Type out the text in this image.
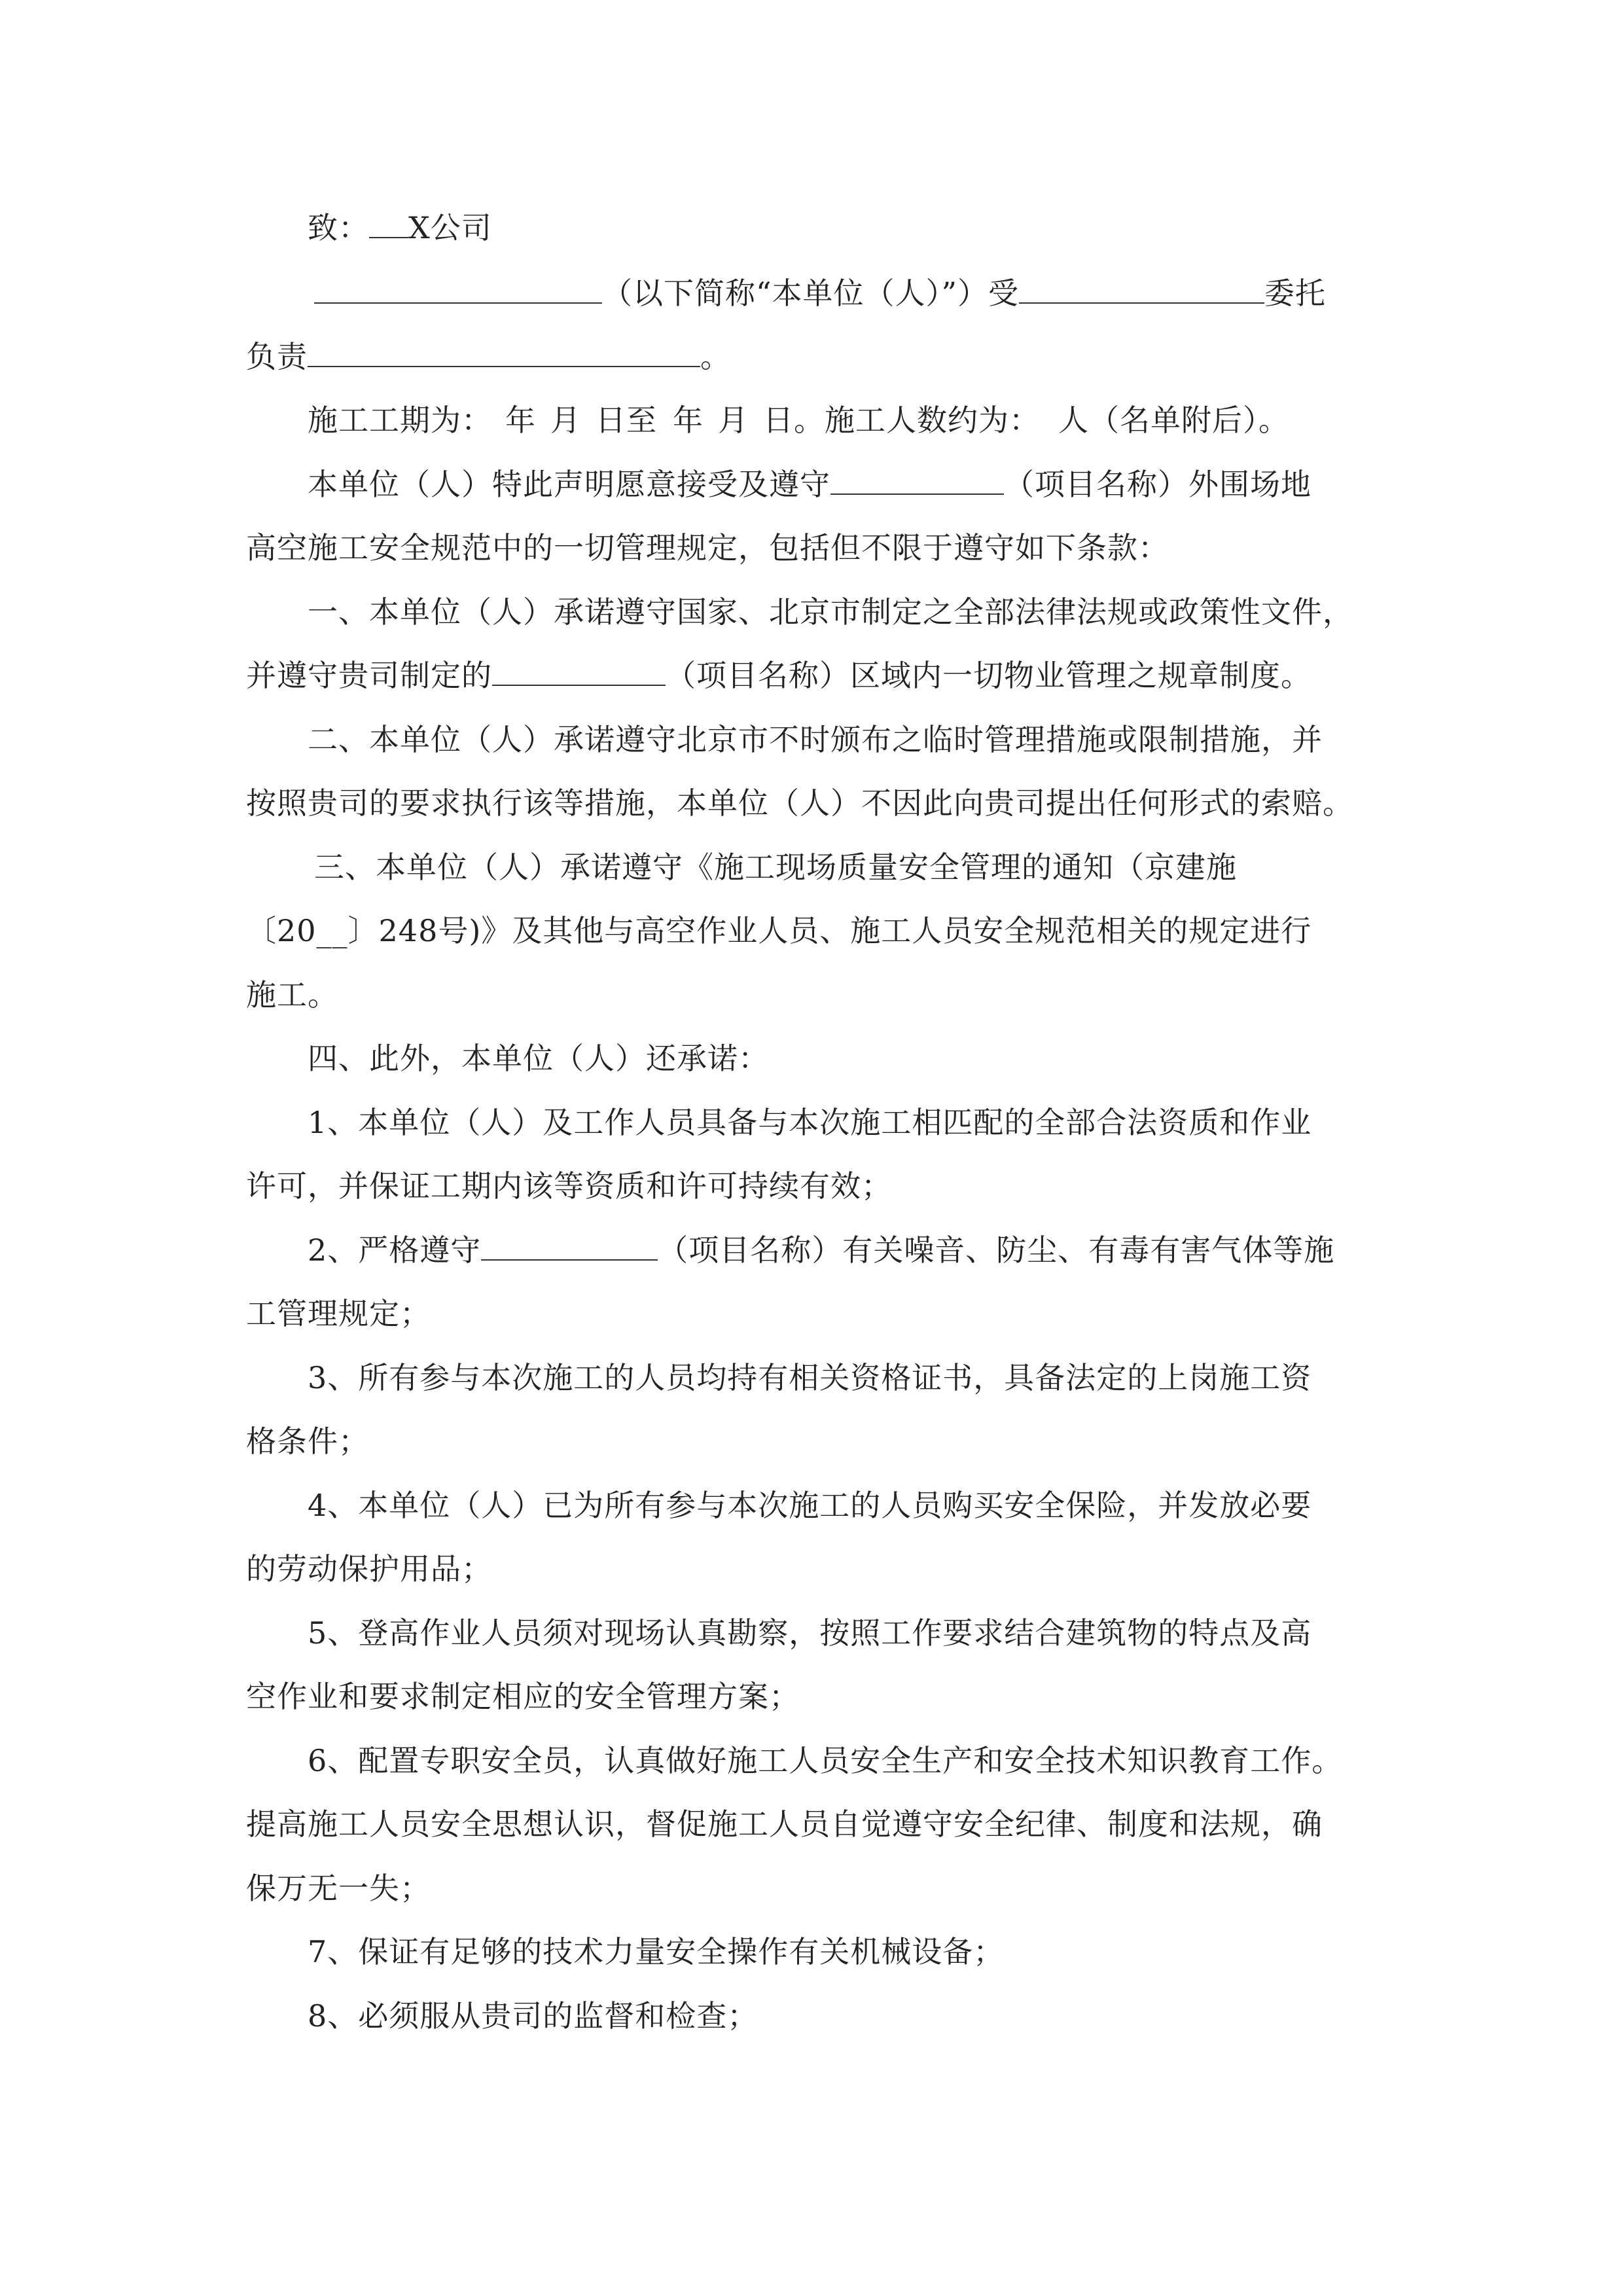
致： X公司
（以下简称“本单位（人）”）受	委托
负责	。
施工工期为： 年 月 日至 年 月 日。施工人数约为： 人（名单附后）。
本单位（人）特此声明愿意接受及遵守	（项目名称）外围场地
高空施工安全规范中的一切管理规定，包括但不限于遵守如下条款：
一、本单位（人）承诺遵守国家、北京市制定之全部法律法规或政策性文件，
并遵守贵司制定的	（项目名称）区域内一切物业管理之规章制度。
二、本单位（人）承诺遵守北京市不时颁布之临时管理措施或限制措施，并
按照贵司的要求执行该等措施，本单位（人）不因此向贵司提出任何形式的索赔。
三、本单位（人）承诺遵守《施工现场质量安全管理的通知（京建施
〔20__〕248号)》及其他与高空作业人员、施工人员安全规范相关的规定进行
施工。
四、此外，本单位（人）还承诺：
1、本单位（人）及工作人员具备与本次施工相匹配的全部合法资质和作业
许可，并保证工期内该等资质和许可持续有效；
2、严格遵守	（项目名称）有关噪音、防尘、有毒有害气体等施
工管理规定；
3、所有参与本次施工的人员均持有相关资格证书，具备法定的上岗施工资
格条件；
4、本单位（人）已为所有参与本次施工的人员购买安全保险，并发放必要
的劳动保护用品；
5、登高作业人员须对现场认真勘察，按照工作要求结合建筑物的特点及高
空作业和要求制定相应的安全管理方案；
6、配置专职安全员，认真做好施工人员安全生产和安全技术知识教育工作。
提高施工人员安全思想认识，督促施工人员自觉遵守安全纪律、制度和法规，确
保万无一失；
7、保证有足够的技术力量安全操作有关机械设备；
8、必须服从贵司的监督和检查；
